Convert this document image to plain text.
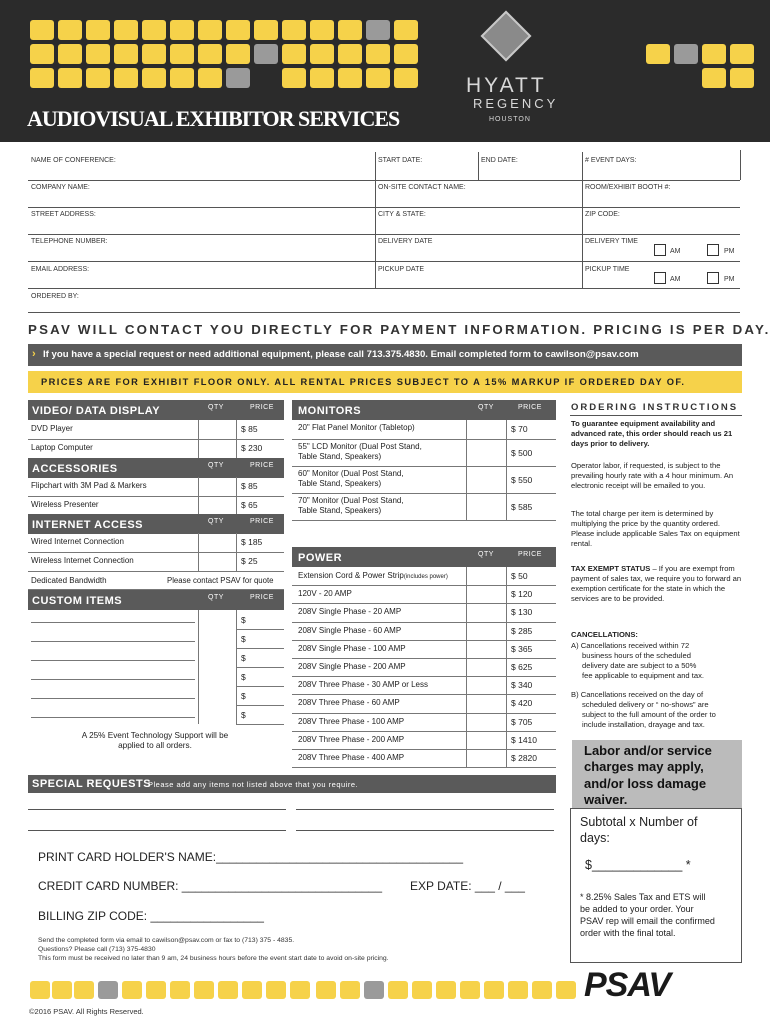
AUDIOVISUAL EXHIBITOR SERVICES
HYATT
REGENCY
HOUSTON
NAME OF CONFERENCE:	START DATE:	END DATE:	# EVENT DAYS:
COMPANY NAME:	ON-SITE CONTACT NAME:	ROOM/EXHIBIT BOOTH #:
STREET ADDRESS:	CITY & STATE:	ZIP CODE:
TELEPHONE NUMBER:	DELIVERY DATE	DELIVERY TIME
AM	PM
EMAIL ADDRESS:	PICKUP DATE	PICKUP TIME
AM	PM
ORDERED BY:
PSAV WILL CONTACT YOU DIRECTLY FOR PAYMENT INFORMATION. PRICING IS PER DAY.
› If you have a special request or need additional equipment, please call 713.375.4830. Email completed form to cawilson@psav.com
PRICES ARE FOR EXHIBIT FLOOR ONLY. ALL RENTAL PRICES SUBJECT TO A 15% MARKUP IF ORDERED DAY OF.
VIDEO/ DATA DISPLAY	QTY	PRICE
DVD Player	$ 85
Laptop Computer	$ 230
ACCESSORIES	QTY	PRICE
Flipchart with 3M Pad & Markers	$ 85
Wireless Presenter	$ 65
INTERNET ACCESS	QTY	PRICE
Wired Internet Connection	$ 185
Wireless Internet Connection	$ 25
Dedicated Bandwidth	Please contact PSAV for quote
CUSTOM ITEMS	QTY	PRICE
$
$
$
$
$
$
A 25% Event Technology Support will be applied to all orders.
MONITORS	QTY	PRICE
20" Flat Panel Monitor (Tabletop)	$ 70
55" LCD Monitor (Dual Post Stand,
Table Stand, Speakers)	$ 500
60" Monitor (Dual Post Stand,
Table Stand, Speakers)	$ 550
70" Monitor (Dual Post Stand,
Table Stand, Speakers)	$ 585
POWER	QTY	PRICE
Extension Cord & Power Strip(includes power)	$ 50
120V - 20 AMP	$ 120
208V Single Phase - 20 AMP	$ 130
208V Single Phase - 60 AMP	$ 285
208V Single Phase - 100 AMP	$ 365
208V Single Phase - 200 AMP	$ 625
208V Three Phase - 30 AMP or Less	$ 340
208V Three Phase - 60 AMP	$ 420
208V Three Phase - 100 AMP	$ 705
208V Three Phase - 200 AMP	$ 1410
208V Three Phase - 400 AMP	$ 2820
ORDERING INSTRUCTIONS
To guarantee equipment availability and advanced rate, this order should reach us 21 days prior to delivery.
Operator labor, if requested, is subject to the prevailing hourly rate with a 4 hour minimum. An electronic receipt will be emailed to you.
The total charge per item is determined by multiplying the price by the quantity ordered. Please include applicable Sales Tax on equipment rental.
TAX EXEMPT STATUS – If you are exempt from payment of sales tax, we require you to forward an exemption certificate for the state in which the services are to be provided.
CANCELLATIONS:
A) Cancellations received within 72
business hours of the scheduled
delivery date are subject to a 50%
fee applicable to equipment and tax.
B) Cancellations received on the day of
scheduled delivery or “ no-shows” are
subject to the full amount of the order to
include installation, drayage and tax.
Labor and/or service
charges may apply,
and/or loss damage
waiver.
Subtotal x Number of
days:
$_____________ *
* 8.25% Sales Tax and ETS will
be added to your order. Your
PSAV rep will email the confirmed
order with the final total.
SPECIAL REQUESTS
Please add any items not listed above that you require.
PRINT CARD HOLDER'S NAME:_____________________________________
CREDIT CARD NUMBER: ______________________________ EXP DATE: ___ / ___
BILLING ZIP CODE: _________________
Send the completed form via email to cawilson@psav.com or fax to (713) 375 - 4835.
Questions? Please call (713) 375-4830
This form must be received no later than 9 am, 24 business hours before the event start date to avoid on-site pricing.
PSAV
©2016 PSAV. All Rights Reserved.
